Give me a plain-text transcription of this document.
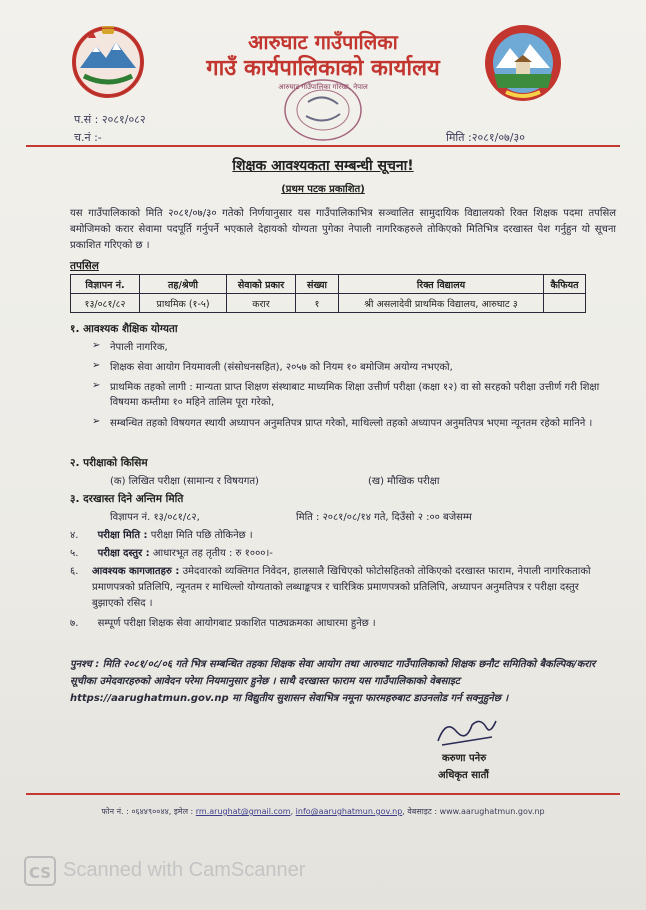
आरुघाट गाउँपालिका
गाउँ कार्यपालिकाको कार्यालय
आरुघाट गाउँपालिका गोरखा, नेपाल
प.सं : २०८१/०८२
च.नं :-	मिति :२०८१/०७/३०
शिक्षक आवश्यकता सम्बन्धी सूचना!
(प्रथम पटक प्रकाशित)
यस गाउँपालिकाको मिति २०८१/०७/३० गतेको निर्णयानुसार यस गाउँपालिकाभित्र सञ्चालित सामुदायिक विद्यालयको रिक्त शिक्षक पदमा तपसिल बमोजिमको करार सेवामा पदपूर्ति गर्नुपर्ने भएकाले देहायको योग्यता पुगेका नेपाली नागरिकहरुले तोकिएको मितिभित्र दरखास्त पेश गर्नुहुन यो सूचना प्रकाशित गरिएको छ ।
तपसिल
विज्ञापन नं.	तह/श्रेणी	सेवाको प्रकार	संख्या	रिक्त विद्यालय	कैफियत
१३/०८१/८२	प्राथमिक (१-५)	करार	१	श्री असलादेवी प्राथमिक विद्यालय, आरुघाट ३	
१. आवश्यक शैक्षिक योग्यता
➢ नेपाली नागरिक,
➢ शिक्षक सेवा आयोग नियमावली (संसोधनसहित), २०५७ को नियम १० बमोजिम अयोग्य नभएको,
➢ प्राथमिक तहको लागी : मान्यता प्राप्त शिक्षण संस्थाबाट माध्यमिक शिक्षा उत्तीर्ण परीक्षा (कक्षा १२) वा सो सरहको परीक्षा उत्तीर्ण गरी शिक्षा विषयमा कम्तीमा १० महिने तालिम पूरा गरेको,
➢ सम्बन्धित तहको विषयगत स्थायी अध्यापन अनुमतिपत्र प्राप्त गरेको, माथिल्लो तहको अध्यापन अनुमतिपत्र भएमा न्यूनतम रहेको मानिने ।
२. परीक्षाको किसिम
(क) लिखित परीक्षा (सामान्य र विषयगत)	(ख) मौखिक परीक्षा
३. दरखास्त दिने अन्तिम मिति
विज्ञापन नं. १३/०८१/८२,	मिति : २०८१/०८/१४ गते, दिउँसो २ :०० बजेसम्म
४. परीक्षा मिति : परीक्षा मिति पछि तोकिनेछ ।
५. परीक्षा दस्तुर : आधारभूत तह तृतीय : रु १०००।-
६. आवश्यक कागजातहरु : उमेदवारको व्यक्तिगत निवेदन, हालसालै खिचिएको फोटोसहितको तोकिएको दरखास्त फाराम, नेपाली नागरिकताको प्रमाणपत्रको प्रतिलिपि, न्यूनतम र माथिल्लो योग्यताको लब्धाङ्कपत्र र चारित्रिक प्रमाणपत्रको प्रतिलिपि, अध्यापन अनुमतिपत्र र परीक्षा दस्तुर बुझाएको रसिद ।
७. सम्पूर्ण परीक्षा शिक्षक सेवा आयोगबाट प्रकाशित पाठ्यक्रमका आधारमा हुनेछ ।
पुनश्च : मिति २०८१/०८/०६ गते भित्र सम्बन्धित तहका शिक्षक सेवा आयोग तथा आरुघाट गाउँपालिकाको शिक्षक छनौट समितिको बैकल्पिक/करार सूचीका उमेदवारहरुको आवेदन परेमा नियमानुसार हुनेछ । साथै दरखास्त फाराम यस गाउँपालिकाको वेबसाइट https://aarughatmun.gov.np मा विद्युतीय सुशासन सेवाभित्र नमूना फारमहरुबाट डाउनलोड गर्न सक्नुहुनेछ ।
करुणा पनेरु
अधिकृत सातौं
फोन नं. : ०६४४९००४४, इमेल : rm.arughat@gmail.com, info@aarughatmun.gov.np, वेबसाइट : www.aarughatmun.gov.np
CS Scanned with CamScanner
